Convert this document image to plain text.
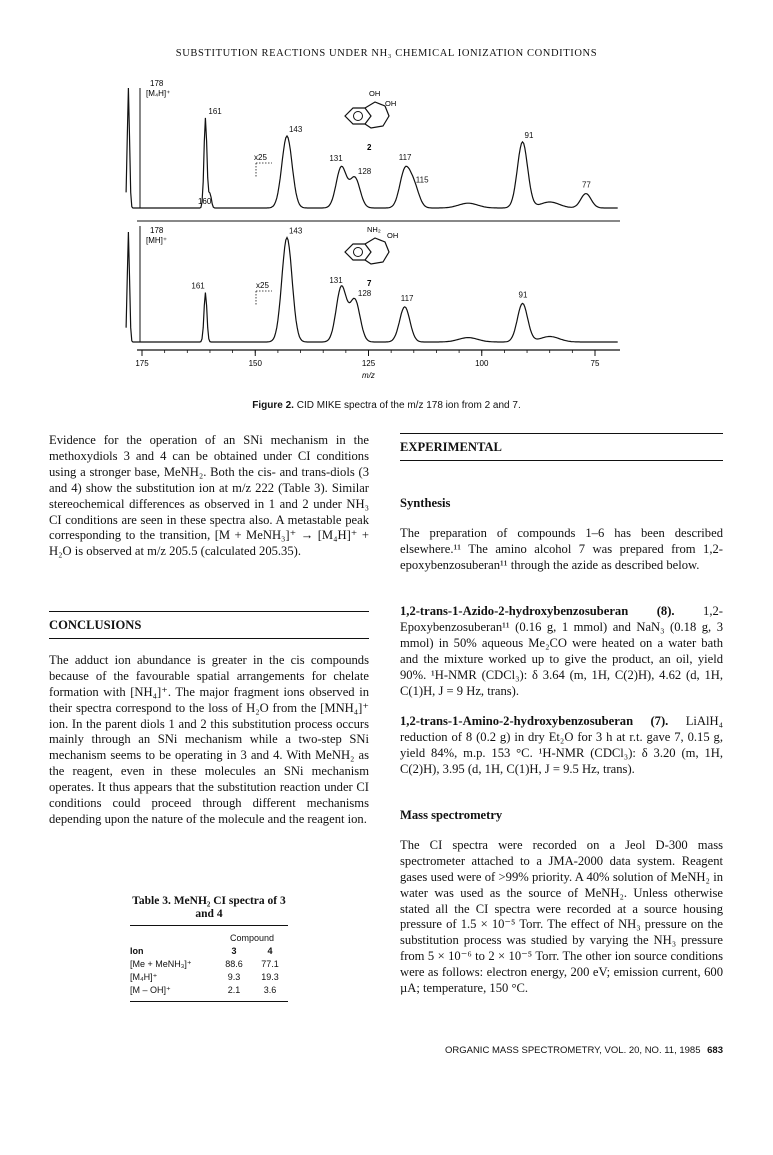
SUBSTITUTION REACTIONS UNDER NH₃ CHEMICAL IONIZATION CONDITIONS
161
143
131
128
117
115
91
77
178
[M₄H]⁺
160
x25
OH
OH
2
161
143
131
128
117	91
178
[MH]⁺
x25
NH₂
OH
7
175	150	125	100	75
m/z
Figure 2. CID MIKE spectra of the m/z 178 ion from 2 and 7.

Evidence for the operation of an SNi mechanism in the methoxydiols 3 and 4 can be obtained under CI conditions using a stronger base, MeNH₂. Both the cis- and trans-diols (3 and 4) show the substitution ion at m/z 222 (Table 3). Similar stereochemical differences as observed in 1 and 2 under NH₃ CI conditions are seen in these spectra also. A metastable peak corresponding to the transition, [M + MeNH₃]⁺ → [M₄H]⁺ + H₂O is observed at m/z 205.5 (calculated 205.35).

CONCLUSIONS

The adduct ion abundance is greater in the cis compounds because of the favourable spatial arrangements for chelate formation with [NH₄]⁺. The major fragment ions observed in their spectra correspond to the loss of H₂O from the [MNH₄]⁺ ion. In the parent diols 1 and 2 this substitution process occurs mainly through an SNi mechanism while a two-step SNi mechanism seems to be operating in 3 and 4. With MeNH₂ as the reagent, even in these molecules an SNi mechanism operates. It thus appears that the substitution reaction under CI conditions could proceed through different mechanisms depending upon the nature of the molecule and the reagent ion.

Table 3. MeNH₂ CI spectra of 3 and 4
Compound
Ion	3	4
[Me + MeNH₃]⁺	88.6	77.1
[M₄H]⁺	9.3	19.3
[M – OH]⁺	2.1	3.6
EXPERIMENTAL
Synthesis

The preparation of compounds 1–6 has been described elsewhere.¹¹ The amino alcohol 7 was prepared from 1,2-epoxybenzosuberan¹¹ through the azide as described below.

1,2-trans-1-Azido-2-hydroxybenzosuberan (8). 1,2-Epoxybenzosuberan¹¹ (0.16 g, 1 mmol) and NaN₃ (0.18 g, 3 mmol) in 50% aqueous Me₂CO were heated on a water bath and the mixture worked up to give the product, an oil, yield 90%. ¹H-NMR (CDCl₃): δ 3.64 (m, 1H, C(2)H), 4.62 (d, 1H, C(1)H, J = 9 Hz, trans).

1,2-trans-1-Amino-2-hydroxybenzosuberan (7). LiAlH₄ reduction of 8 (0.2 g) in dry Et₂O for 3 h at r.t. gave 7, 0.15 g, yield 84%, m.p. 153 °C. ¹H-NMR (CDCl₃): δ 3.20 (m, 1H, C(2)H), 3.95 (d, 1H, C(1)H, J = 9.5 Hz, trans).

Mass spectrometry

The CI spectra were recorded on a Jeol D-300 mass spectrometer attached to a JMA-2000 data system. Reagent gases used were of >99% priority. A 40% solution of MeNH₂ in water was used as the source of MeNH₂. Unless otherwise stated all the CI spectra were recorded at a source housing pressure of 1.5 × 10⁻⁵ Torr. The effect of NH₃ pressure on the substitution process was studied by varying the NH₃ pressure from 5 × 10⁻⁶ to 2 × 10⁻⁵ Torr. The other ion source conditions were as follows: electron energy, 200 eV; emission current, 600 µA; temperature, 150 °C.

ORGANIC MASS SPECTROMETRY, VOL. 20, NO. 11, 1985 683
